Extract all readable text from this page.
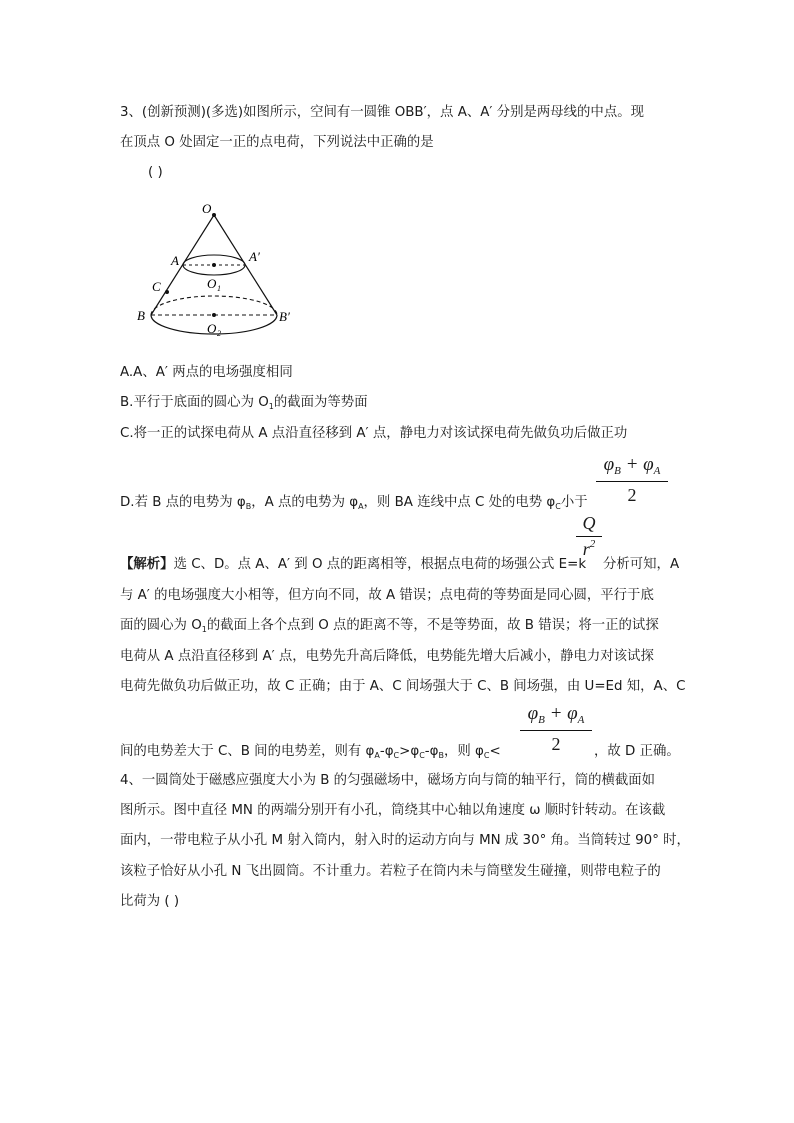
3、(创新预测)(多选)如图所示，空间有一圆锥 OBB′，点 A、A′ 分别是两母线的中点。现
在顶点 O 处固定一正的点电荷，下列说法中正确的是
( )
O
A	A′
O 1
C
B	B′
O 2
A.A、A′ 两点的电场强度相同
B.平行于底面的圆心为 $O_1$的截面为等势面
C.将一正的试探电荷从 A 点沿直径移到 A′ 点，静电力对该试探电荷先做负功后做正功
D.若 B 点的电势为 $\varphi_B$，A 点的电势为 $\varphi_A$，则 BA 连线中点 C 处的电势 $\varphi_C$小于
$\varphi_B + \varphi_A$
2
Q
$r^2$
【解析】选 C、D。点 A、A′ 到 O 点的距离相等，根据点电荷的场强公式 E=k 分析可知，A
与 A′ 的电场强度大小相等，但方向不同，故 A 错误；点电荷的等势面是同心圆，平行于底
面的圆心为 $O_1$的截面上各个点到 O 点的距离不等，不是等势面，故 B 错误；将一正的试探
电荷从 A 点沿直径移到 A′ 点，电势先升高后降低，电势能先增大后减小，静电力对该试探
电荷先做负功后做正功，故 C 正确；由于 A、C 间场强大于 C、B 间场强，由 U=Ed 知，A、C
$\varphi_B + \varphi_A$
2
间的电势差大于 C、B 间的电势差，则有 $\varphi_A-\varphi_C>\varphi_C-\varphi_B$，则 $\varphi_C<$	，故 D 正确。
4、一圆筒处于磁感应强度大小为 B 的匀强磁场中，磁场方向与筒的轴平行，筒的横截面如
图所示。图中直径 MN 的两端分别开有小孔，筒绕其中心轴以角速度 ω 顺时针转动。在该截
面内，一带电粒子从小孔 M 射入筒内，射入时的运动方向与 MN 成 30° 角。当筒转过 90° 时，
该粒子恰好从小孔 N 飞出圆筒。不计重力。若粒子在筒内未与筒壁发生碰撞，则带电粒子的
比荷为 ( )
